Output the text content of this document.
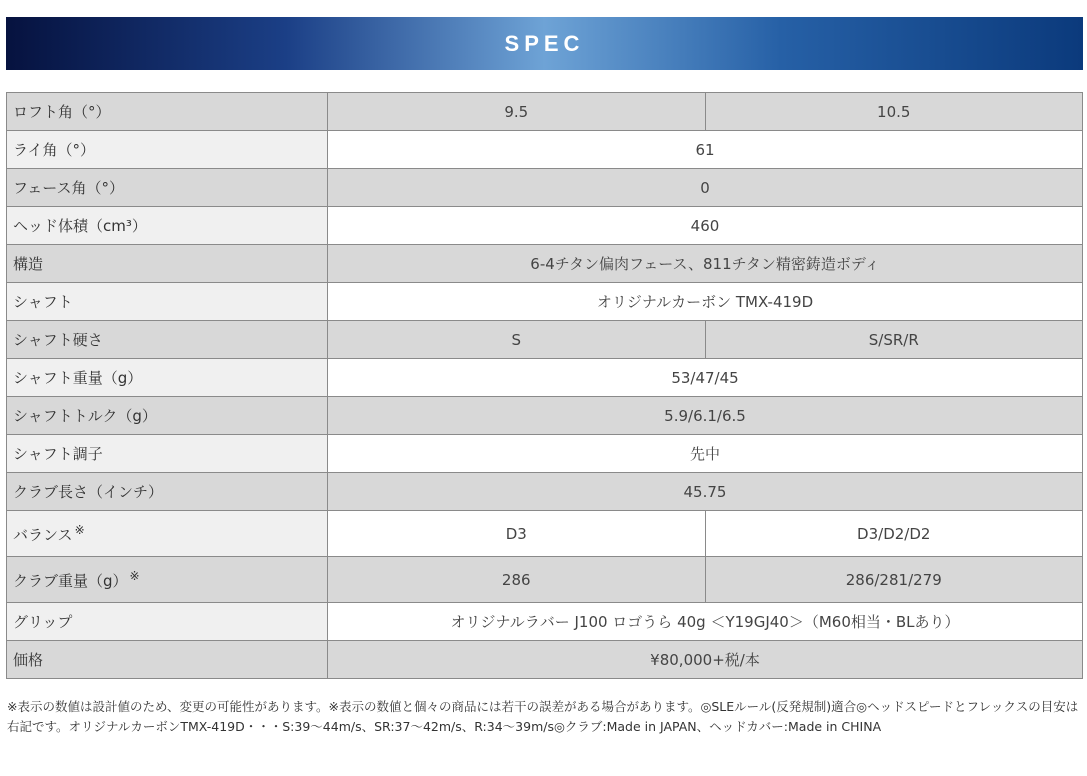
SPEC
ロフト角（°）	9.5	10.5
ライ角（°）	61	
フェース角（°）	0	
ヘッド体積（cm³）	460	
構造	6-4チタン偏肉フェース、811チタン精密鋳造ボディ	
シャフト	オリジナルカーボン TMX-419D	
シャフト硬さ	S	S/SR/R
シャフト重量（g）	53/47/45	
シャフトトルク（g）	5.9/6.1/6.5	
シャフト調子	先中	
クラブ長さ（インチ）	45.75	
バランス ※	D3	D3/D2/D2
クラブ重量（g） ※	286	286/281/279
グリップ	オリジナルラバー J100 ロゴうら 40g ＜Y19GJ40＞（M60相当・BLあり）	
価格	¥80,000+税/本	
※表示の数値は設計値のため、変更の可能性があります。※表示の数値と個々の商品には若干の誤差がある場合があります。◎SLEルール(反発規制)適合◎ヘッドスピードとフレックスの目安は右記です。オリジナルカーボンTMX-419D・・・S:39～44m/s、SR:37～42m/s、R:34～39m/s◎クラブ:Made in JAPAN、ヘッドカバー:Made in CHINA
